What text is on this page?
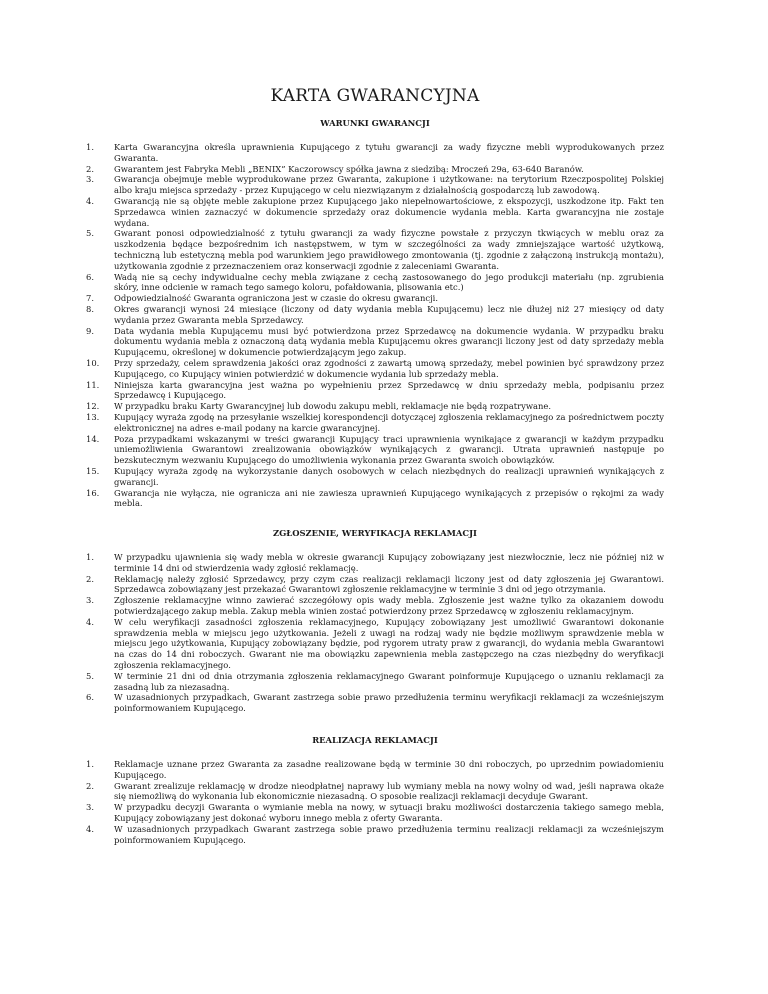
KARTA GWARANCYJNA
WARUNKI GWARANCJI
1.	Karta Gwarancyjna określa uprawnienia Kupującego z tytułu gwarancji za wady fizyczne mebli wyprodukowanych przez Gwaranta.
2.	Gwarantem jest Fabryka Mebli „BENIX” Kaczorowscy spółka jawna z siedzibą: Mroczeń 29a, 63-640 Baranów.
3.	Gwarancja obejmuje meble wyprodukowane przez Gwaranta, zakupione i użytkowane: na terytorium Rzeczpospolitej Polskiej albo kraju miejsca sprzedaży - przez Kupującego w celu niezwiązanym z działalnością gospodarczą lub zawodową.
4.	Gwarancją nie są objęte meble zakupione przez Kupującego jako niepełnowartościowe, z ekspozycji, uszkodzone itp. Fakt ten Sprzedawca winien zaznaczyć w dokumencie sprzedaży oraz dokumencie wydania mebla. Karta gwarancyjna nie zostaje wydana.
5.	Gwarant ponosi odpowiedzialność z tytułu gwarancji za wady fizyczne powstałe z przyczyn tkwiących w meblu oraz za uszkodzenia będące bezpośrednim ich następstwem, w tym w szczególności za wady zmniejszające wartość użytkową, techniczną lub estetyczną mebla pod warunkiem jego prawidłowego zmontowania (tj. zgodnie z załączoną instrukcją montażu), użytkowania zgodnie z przeznaczeniem oraz konserwacji zgodnie z zaleceniami Gwaranta.
6.	Wadą nie są cechy indywidualne cechy mebla związane z cechą zastosowanego do jego produkcji materiału (np. zgrubienia skóry, inne odcienie w ramach tego samego koloru, pofałdowania, plisowania etc.)
7.	Odpowiedzialność Gwaranta ograniczona jest w czasie do okresu gwarancji.
8.	Okres gwarancji wynosi 24 miesiące (liczony od daty wydania mebla Kupującemu) lecz nie dłużej niż 27 miesięcy od daty wydania przez Gwaranta mebla Sprzedawcy.
9.	Data wydania mebla Kupującemu musi być potwierdzona przez Sprzedawcę na dokumencie wydania. W przypadku braku dokumentu wydania mebla z oznaczoną datą wydania mebla Kupującemu okres gwarancji liczony jest od daty sprzedaży mebla Kupującemu, określonej w dokumencie potwierdzającym jego zakup.
10.	Przy sprzedaży, celem sprawdzenia jakości oraz zgodności z zawartą umową sprzedaży, mebel powinien być sprawdzony przez Kupującego, co Kupujący winien potwierdzić w dokumencie wydania lub sprzedaży mebla.
11.	Niniejsza karta gwarancyjna jest ważna po wypełnieniu przez Sprzedawcę w dniu sprzedaży mebla, podpisaniu przez Sprzedawcę i Kupującego.
12.	W przypadku braku Karty Gwarancyjnej lub dowodu zakupu mebli, reklamacje nie będą rozpatrywane.
13.	Kupujący wyraża zgodę na przesyłanie wszelkiej korespondencji dotyczącej zgłoszenia reklamacyjnego za pośrednictwem poczty elektronicznej na adres e-mail podany na karcie gwarancyjnej.
14.	Poza przypadkami wskazanymi w treści gwarancji Kupujący traci uprawnienia wynikające z gwarancji w każdym przypadku uniemożliwienia Gwarantowi zrealizowania obowiązków wynikających z gwarancji. Utrata uprawnień następuje po bezskutecznym wezwaniu Kupującego do umożliwienia wykonania przez Gwaranta swoich obowiązków.
15.	Kupujący wyraża zgodę na wykorzystanie danych osobowych w celach niezbędnych do realizacji uprawnień wynikających z gwarancji.
16.	Gwarancja nie wyłącza, nie ogranicza ani nie zawiesza uprawnień Kupującego wynikających z przepisów o rękojmi za wady mebla.
ZGŁOSZENIE, WERYFIKACJA REKLAMACJI
1.	W przypadku ujawnienia się wady mebla w okresie gwarancji Kupujący zobowiązany jest niezwłocznie, lecz nie później niż w terminie 14 dni od stwierdzenia wady zgłosić reklamację.
2.	Reklamację należy zgłosić Sprzedawcy, przy czym czas realizacji reklamacji liczony jest od daty zgłoszenia jej Gwarantowi. Sprzedawca zobowiązany jest przekazać Gwarantowi zgłoszenie reklamacyjne w terminie 3 dni od jego otrzymania.
3.	Zgłoszenie reklamacyjne winno zawierać szczegółowy opis wady mebla. Zgłoszenie jest ważne tylko za okazaniem dowodu potwierdzającego zakup mebla. Zakup mebla winien zostać potwierdzony przez Sprzedawcę w zgłoszeniu reklamacyjnym.
4.	W celu weryfikacji zasadności zgłoszenia reklamacyjnego, Kupujący zobowiązany jest umożliwić Gwarantowi dokonanie sprawdzenia mebla w miejscu jego użytkowania. Jeżeli z uwagi na rodzaj wady nie będzie możliwym sprawdzenie mebla w miejscu jego użytkowania, Kupujący zobowiązany będzie, pod rygorem utraty praw z gwarancji, do wydania mebla Gwarantowi na czas do 14 dni roboczych. Gwarant nie ma obowiązku zapewnienia mebla zastępczego na czas niezbędny do weryfikacji zgłoszenia reklamacyjnego.
5.	W terminie 21 dni od dnia otrzymania zgłoszenia reklamacyjnego Gwarant poinformuje Kupującego o uznaniu reklamacji za zasadną lub za niezasadną.
6.	W uzasadnionych przypadkach, Gwarant zastrzega sobie prawo przedłużenia terminu weryfikacji reklamacji za wcześniejszym poinformowaniem Kupującego.
REALIZACJA REKLAMACJI
1.	Reklamacje uznane przez Gwaranta za zasadne realizowane będą w terminie 30 dni roboczych, po uprzednim powiadomieniu Kupującego.
2.	Gwarant zrealizuje reklamację w drodze nieodpłatnej naprawy lub wymiany mebla na nowy wolny od wad, jeśli naprawa okaże się niemożliwą do wykonania lub ekonomicznie niezasadną. O sposobie realizacji reklamacji decyduje Gwarant.
3.	W przypadku decyzji Gwaranta o wymianie mebla na nowy, w sytuacji braku możliwości dostarczenia takiego samego mebla, Kupujący zobowiązany jest dokonać wyboru innego mebla z oferty Gwaranta.
4.	W uzasadnionych przypadkach Gwarant zastrzega sobie prawo przedłużenia terminu realizacji reklamacji za wcześniejszym poinformowaniem Kupującego.
